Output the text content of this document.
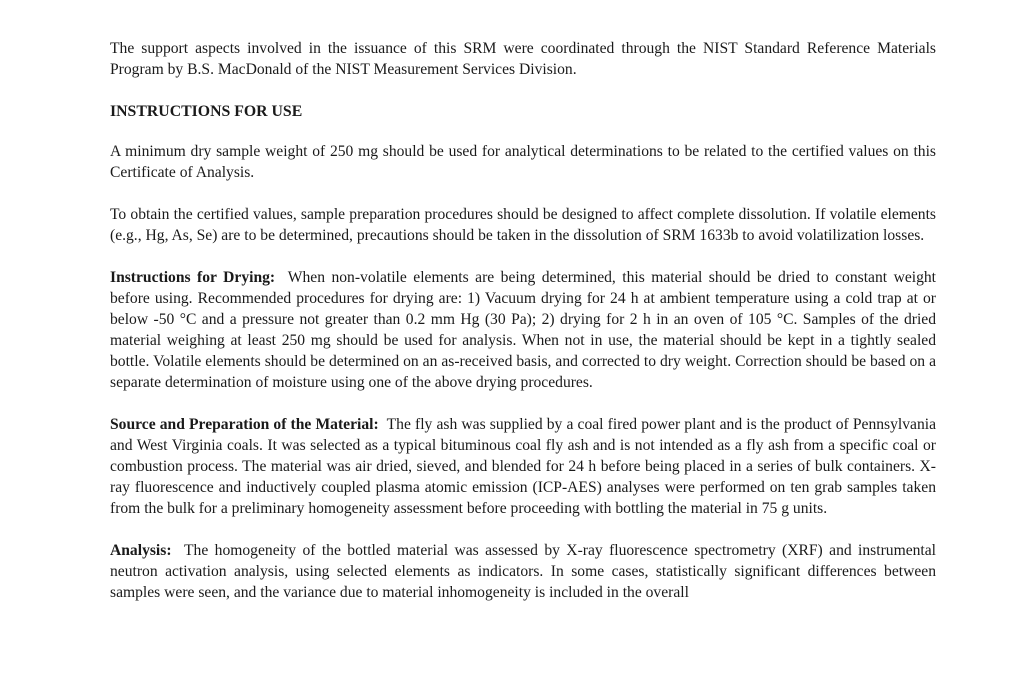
The support aspects involved in the issuance of this SRM were coordinated through the NIST Standard Reference Materials Program by B.S. MacDonald of the NIST Measurement Services Division.

INSTRUCTIONS FOR USE

A minimum dry sample weight of 250 mg should be used for analytical determinations to be related to the certified values on this Certificate of Analysis.

To obtain the certified values, sample preparation procedures should be designed to affect complete dissolution. If volatile elements (e.g., Hg, As, Se) are to be determined, precautions should be taken in the dissolution of SRM 1633b to avoid volatilization losses.

Instructions for Drying: When non-volatile elements are being determined, this material should be dried to constant weight before using. Recommended procedures for drying are: 1) Vacuum drying for 24 h at ambient temperature using a cold trap at or below -50 °C and a pressure not greater than 0.2 mm Hg (30 Pa); 2) drying for 2 h in an oven of 105 °C. Samples of the dried material weighing at least 250 mg should be used for analysis. When not in use, the material should be kept in a tightly sealed bottle. Volatile elements should be determined on an as-received basis, and corrected to dry weight. Correction should be based on a separate determination of moisture using one of the above drying procedures.

Source and Preparation of the Material: The fly ash was supplied by a coal fired power plant and is the product of Pennsylvania and West Virginia coals. It was selected as a typical bituminous coal fly ash and is not intended as a fly ash from a specific coal or combustion process. The material was air dried, sieved, and blended for 24 h before being placed in a series of bulk containers. X-ray fluorescence and inductively coupled plasma atomic emission (ICP-AES) analyses were performed on ten grab samples taken from the bulk for a preliminary homogeneity assessment before proceeding with bottling the material in 75 g units.

Analysis: The homogeneity of the bottled material was assessed by X-ray fluorescence spectrometry (XRF) and instrumental neutron activation analysis, using selected elements as indicators. In some cases, statistically significant differences between samples were seen, and the variance due to material inhomogeneity is included in the overall
